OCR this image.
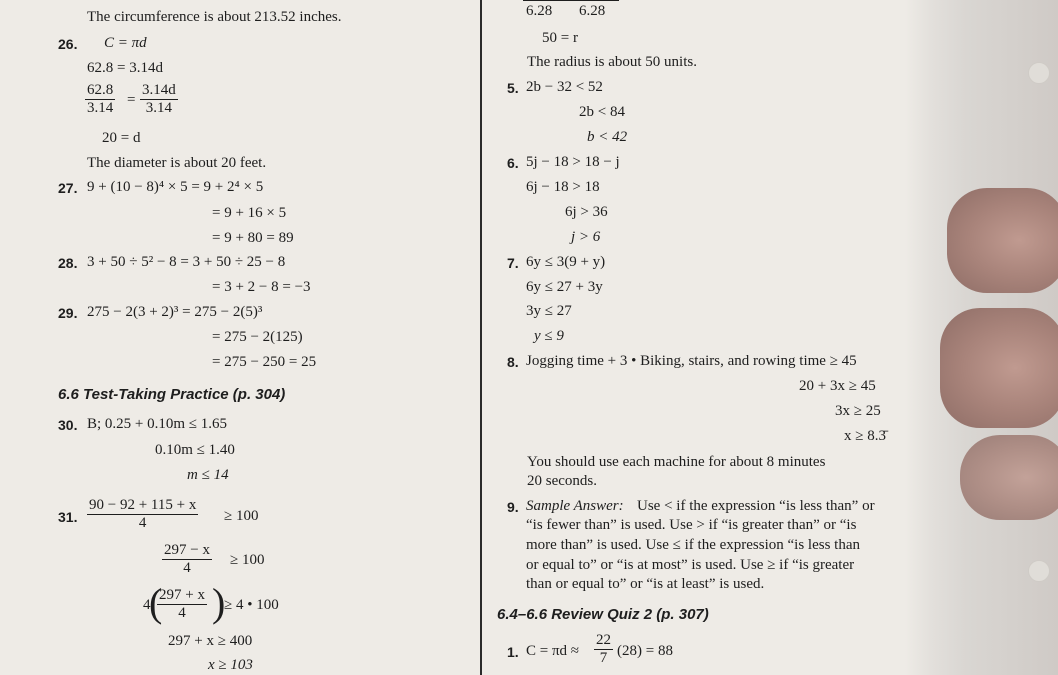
The circumference is about 213.52 inches.
26. C = πd
62.8 = 3.14d
$\frac{62.8}{3.14} = \frac{3.14d}{3.14}$
20 = d
The diameter is about 20 feet.
27. 9 + (10 − 8)⁴ × 5 = 9 + 2⁴ × 5
= 9 + 16 × 5
= 9 + 80 = 89
28. 3 + 50 ÷ 5² − 8 = 3 + 50 ÷ 25 − 8
= 3 + 2 − 8 = −3
29. 275 − 2(3 + 2)³ = 275 − 2(5)³
= 275 − 2(125)
= 275 − 250 = 25
6.6 Test-Taking Practice (p. 304)
30. B; 0.25 + 0.10m ≤ 1.65
0.10m ≤ 1.40
m ≤ 14
31. $\frac{90 - 92 + 115 + x}{4} \ge 100$
$\frac{297 - x}{4} \ge 100$
4
(
$\frac{297 + x}{4}$ )
≥ 4 • 100
297 + x ≥ 400
x ≥ 103
6.28 6.28
50 = r
The radius is about 50 units.
5. 2b − 32 < 52
2b < 84
b < 42
6. 5j − 18 > 18 − j
6j − 18 > 18
6j > 36
j > 6
7. 6y ≤ 3(9 + y)
6y ≤ 27 + 3y
3y ≤ 27
y ≤ 9
8. Jogging time + 3 • Biking, stairs, and rowing time ≥ 45
20 + 3x ≥ 45
3x ≥ 25
x ≥ 8.3̄
You should use each machine for about 8 minutes
20 seconds.
9. Sample Answer: Use < if the expression “is less than” or
“is fewer than” is used. Use > if “is greater than” or “is
more than” is used. Use ≤ if the expression “is less than
or equal to” or “is at most” is used. Use ≥ if “is greater
than or equal to” or “is at least” is used.
6.4–6.6 Review Quiz 2 (p. 307)
1. $C = \pi d \approx \frac{22}{7} (28) = 88$
